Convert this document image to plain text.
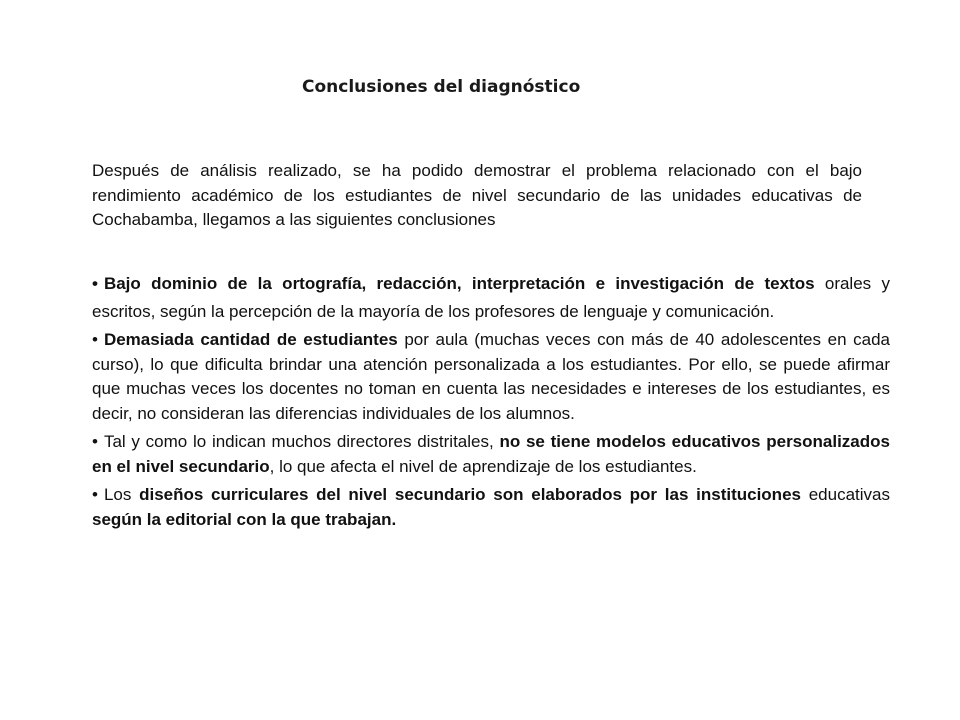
Conclusiones del diagnóstico

Después de análisis realizado, se ha podido demostrar el problema relacionado con el bajo rendimiento académico de los estudiantes de nivel secundario de las unidades educativas de Cochabamba, llegamos a las siguientes conclusiones

• Bajo dominio de la ortografía, redacción, interpretación e investigación de textos orales y escritos, según la percepción de la mayoría de los profesores de lenguaje y comunicación.

• Demasiada cantidad de estudiantes por aula (muchas veces con más de 40 adolescentes en cada curso), lo que dificulta brindar una atención personalizada a los estudiantes. Por ello, se puede afirmar que muchas veces los docentes no toman en cuenta las necesidades e intereses de los estudiantes, es decir, no consideran las diferencias individuales de los alumnos.

• Tal y como lo indican muchos directores distritales, no se tiene modelos educativos personalizados en el nivel secundario, lo que afecta el nivel de aprendizaje de los estudiantes.

• Los diseños curriculares del nivel secundario son elaborados por las instituciones educativas según la editorial con la que trabajan.
